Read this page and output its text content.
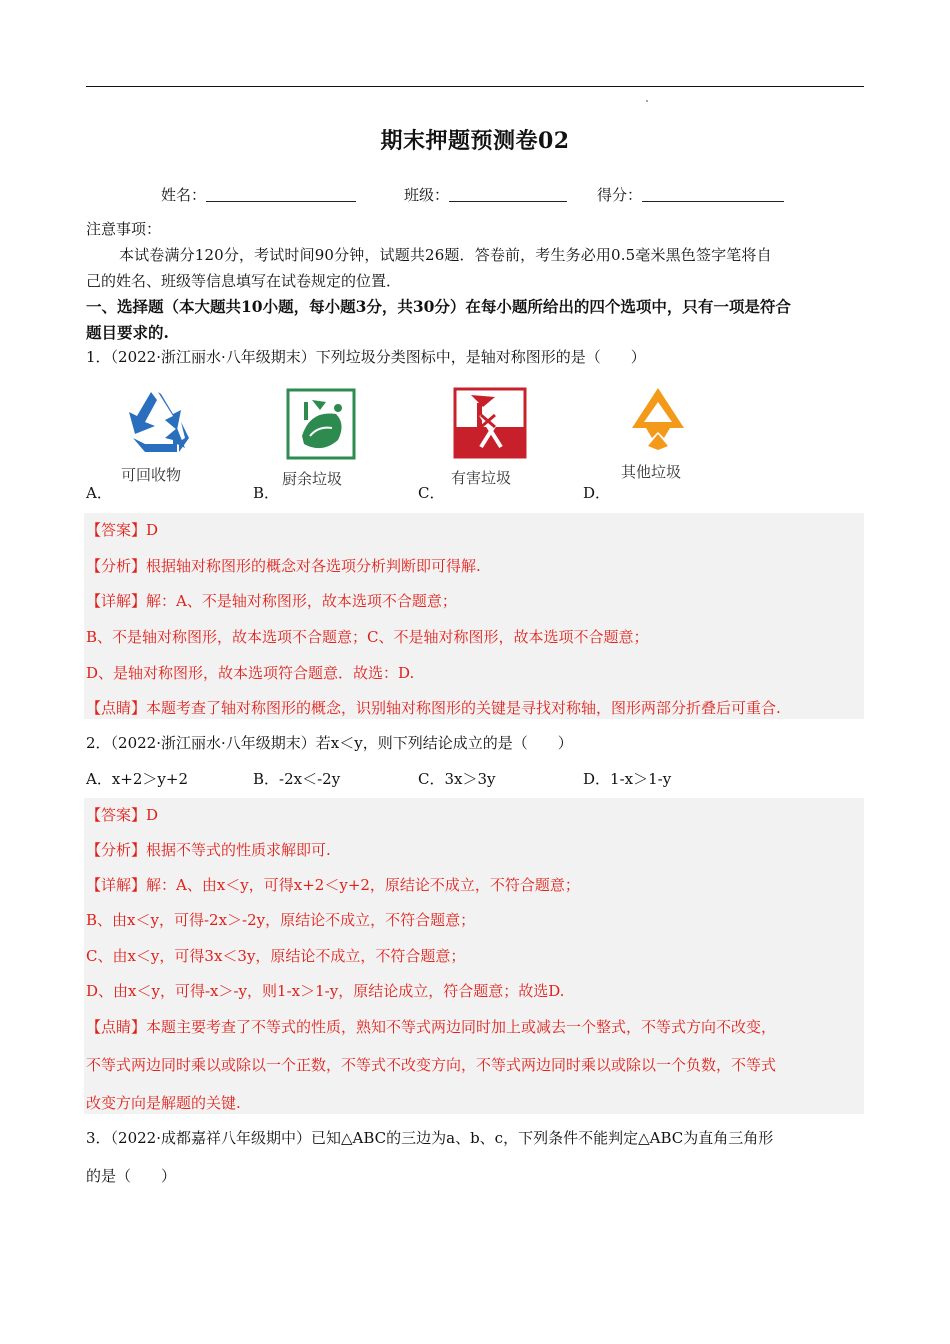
期末押题预测卷02
姓名：	班级：	得分：
注意事项：
本试卷满分120分，考试时间90分钟，试题共26题．答卷前，考生务必用0.5毫米黑色签字笔将自
己的姓名、班级等信息填写在试卷规定的位置．
一、选择题（本大题共10小题，每小题3分，共30分）在每小题所给出的四个选项中，只有一项是符合
题目要求的.
1．（2022·浙江丽水·八年级期末）下列垃圾分类图标中，是轴对称图形的是（　　）
A．	B．	C．	D．
可回收物	厨余垃圾	有害垃圾	其他垃圾
【答案】D
【分析】根据轴对称图形的概念对各选项分析判断即可得解.
【详解】解：A、不是轴对称图形，故本选项不合题意；
B、不是轴对称图形，故本选项不合题意；C、不是轴对称图形，故本选项不合题意；
D、是轴对称图形，故本选项符合题意．故选：D.
【点睛】本题考查了轴对称图形的概念，识别轴对称图形的关键是寻找对称轴，图形两部分折叠后可重合.
2．（2022·浙江丽水·八年级期末）若x＜y，则下列结论成立的是（　　）
A．x+2＞y+2	B．-2x＜-2y	C．3x＞3y	D．1-x＞1-y
【答案】D
【分析】根据不等式的性质求解即可.
【详解】解：A、由x＜y，可得x+2＜y+2，原结论不成立，不符合题意；
B、由x＜y，可得-2x＞-2y，原结论不成立，不符合题意；
C、由x＜y，可得3x＜3y，原结论不成立，不符合题意；
D、由x＜y，可得-x＞-y，则1-x＞1-y，原结论成立，符合题意；故选D.
【点睛】本题主要考查了不等式的性质，熟知不等式两边同时加上或减去一个整式，不等式方向不改变，
不等式两边同时乘以或除以一个正数，不等式不改变方向，不等式两边同时乘以或除以一个负数，不等式
改变方向是解题的关键.
3．（2022·成都嘉祥八年级期中）已知△ABC的三边为a、b、c，下列条件不能判定△ABC为直角三角形
的是（　　）
